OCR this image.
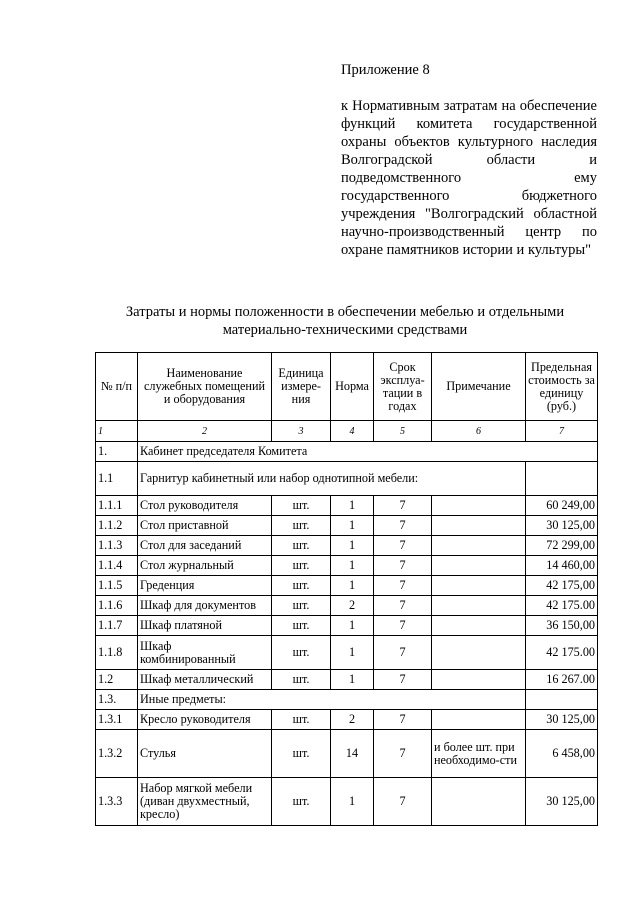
Приложение 8

к Нормативным затратам на обеспечение функций комитета государственной охраны объектов культурного наследия Волгоградской области и подведомственного ему государственного бюджетного учреждения "Волгоградский областной научно-производственный центр по охране памятников истории и культуры"

Затраты и нормы положенности в обеспечении мебелью и отдельными
материально-техническими средствами
№ п/п	Наименование служебных помещений и оборудования	Единица измере-ния	Норма	Срок эксплуа-тации в годах	Примечание	Предельная стоимость за единицу (руб.)
1	2	3	4	5	6	7
1.	Кабинет председателя Комитета					
1.1	Гарнитур кабинетный или набор однотипной мебели:					
1.1.1	Стол руководителя	шт.	1	7		60 249,00
1.1.2	Стол приставной	шт.	1	7		30 125,00
1.1.3	Стол для заседаний	шт.	1	7		72 299,00
1.1.4	Стол журнальный	шт.	1	7		14 460,00
1.1.5	Греденция	шт.	1	7		42 175,00
1.1.6	Шкаф для документов	шт.	2	7		42 175.00
1.1.7	Шкаф платяной	шт.	1	7		36 150,00
1.1.8	Шкаф комбинированный	шт.	1	7		42 175.00
1.2	Шкаф металлический	шт.	1	7		16 267.00
1.3.	Иные предметы:					
1.3.1	Кресло руководителя	шт.	2	7		30 125,00
1.3.2	Стулья	шт.	14	7	и более шт. при необходимо-сти	6 458,00
1.3.3	Набор мягкой мебели (диван двухместный, кресло)	шт.	1	7		30 125,00
